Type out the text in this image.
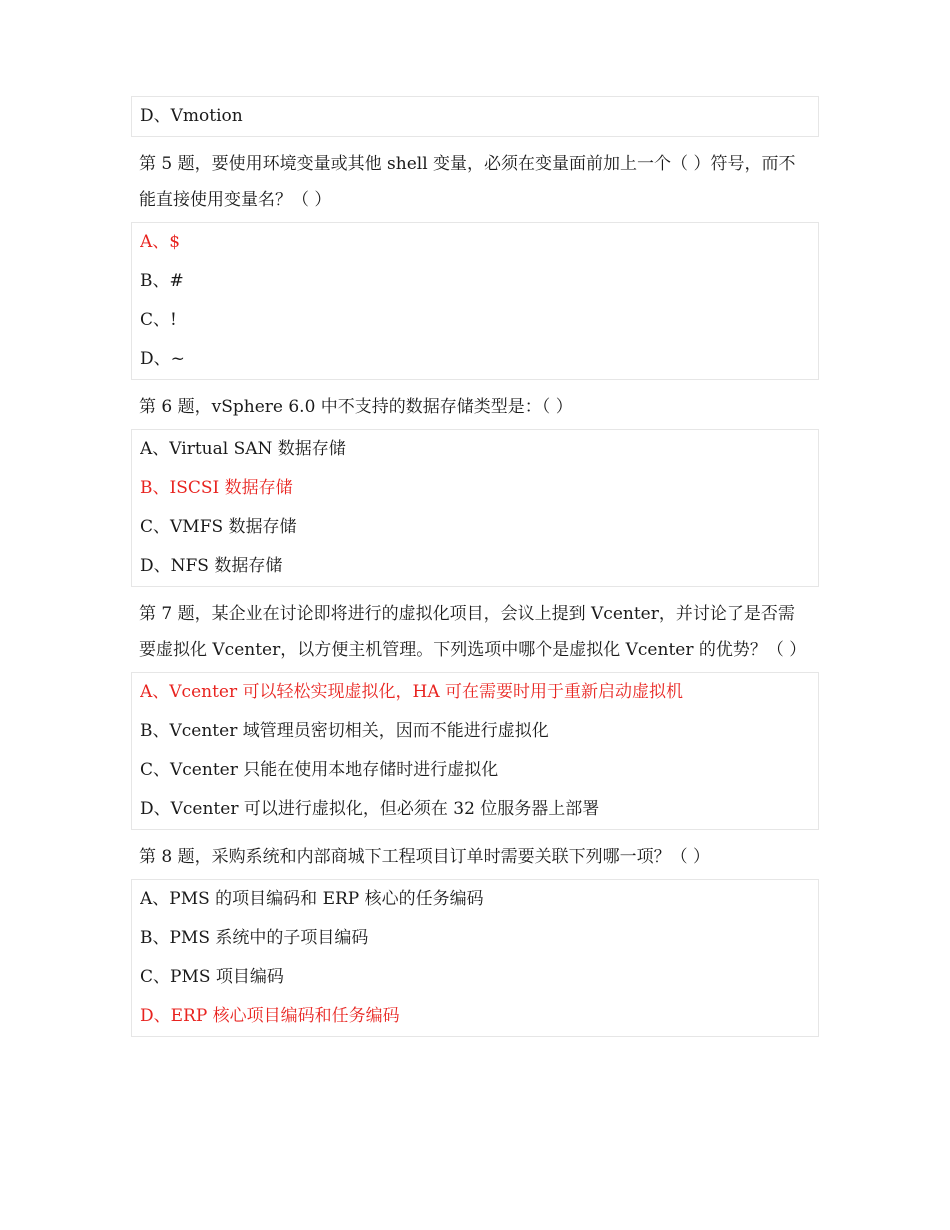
D、Vmotion
第 5 题，要使用环境变量或其他 shell 变量，必须在变量面前加上一个（ ）符号，而不能直接使用变量名？（ ）
A、$
B、#
C、!
D、~
第 6 题，vSphere 6.0 中不支持的数据存储类型是：（ ）
A、Virtual SAN 数据存储
B、ISCSI 数据存储
C、VMFS 数据存储
D、NFS 数据存储
第 7 题，某企业在讨论即将进行的虚拟化项目，会议上提到 Vcenter，并讨论了是否需要虚拟化 Vcenter，以方便主机管理。下列选项中哪个是虚拟化 Vcenter 的优势？（ ）
A、Vcenter 可以轻松实现虚拟化，HA 可在需要时用于重新启动虚拟机
B、Vcenter 域管理员密切相关，因而不能进行虚拟化
C、Vcenter 只能在使用本地存储时进行虚拟化
D、Vcenter 可以进行虚拟化，但必须在 32 位服务器上部署
第 8 题，采购系统和内部商城下工程项目订单时需要关联下列哪一项？（ ）
A、PMS 的项目编码和 ERP 核心的任务编码
B、PMS 系统中的子项目编码
C、PMS 项目编码
D、ERP 核心项目编码和任务编码
